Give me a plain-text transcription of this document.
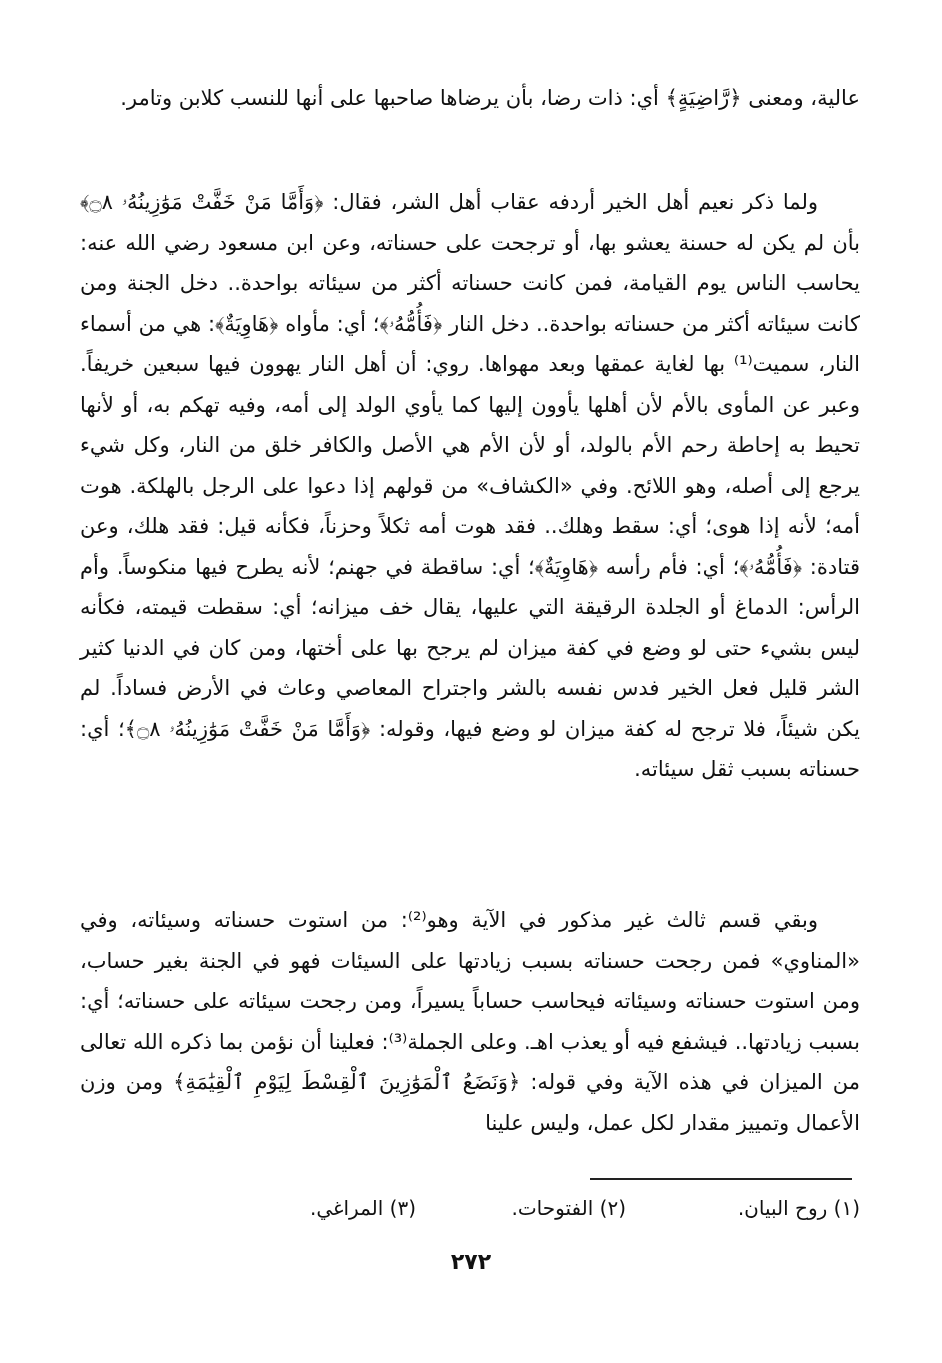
عالية، ومعنى ﴿رَّاضِيَةٍ﴾ أي: ذات رضا، بأن يرضاها صاحبها على أنها للنسب كلابن وتامر.

ولما ذكر نعيم أهل الخير أردفه عقاب أهل الشر، فقال: ﴿وَأَمَّا مَنْ خَفَّتْ مَوَٰزِينُهُۥ ۝٨﴾ بأن لم يكن له حسنة يعشو بها، أو ترجحت على حسناته، وعن ابن مسعود رضي الله عنه: يحاسب الناس يوم القيامة، فمن كانت حسناته أكثر من سيئاته بواحدة.. دخل الجنة ومن كانت سيئاته أكثر من حسناته بواحدة.. دخل النار ﴿فَأُمُّهُۥ﴾؛ أي: مأواه ﴿هَاوِيَةٌ﴾: هي من أسماء النار، سميت⁽¹⁾ بها لغاية عمقها وبعد مهواها. روي: أن أهل النار يهوون فيها سبعين خريفاً. وعبر عن المأوى بالأم لأن أهلها يأوون إليها كما يأوي الولد إلى أمه، وفيه تهكم به، أو لأنها تحيط به إحاطة رحم الأم بالولد، أو لأن الأم هي الأصل والكافر خلق من النار، وكل شيء يرجع إلى أصله، وهو اللائح. وفي «الكشاف» من قولهم إذا دعوا على الرجل بالهلكة. هوت أمه؛ لأنه إذا هوى؛ أي: سقط وهلك.. فقد هوت أمه ثكلاً وحزناً، فكأنه قيل: فقد هلك، وعن قتادة: ﴿فَأُمُّهُۥ﴾؛ أي: فأم رأسه ﴿هَاوِيَةٌ﴾؛ أي: ساقطة في جهنم؛ لأنه يطرح فيها منكوساً. وأم الرأس: الدماغ أو الجلدة الرقيقة التي عليها، يقال خف ميزانه؛ أي: سقطت قيمته، فكأنه ليس بشيء حتى لو وضع في كفة ميزان لم يرجح بها على أختها، ومن كان في الدنيا كثير الشر قليل فعل الخير فدس نفسه بالشر واجتراح المعاصي وعاث في الأرض فساداً. لم يكن شيئاً، فلا ترجح له كفة ميزان لو وضع فيها، وقوله: ﴿وَأَمَّا مَنْ خَفَّتْ مَوَٰزِينُهُۥ ۝٨﴾؛ أي: حسناته بسبب ثقل سيئاته.

وبقي قسم ثالث غير مذكور في الآية وهو⁽²⁾: من استوت حسناته وسيئاته، وفي «المناوي» فمن رجحت حسناته بسبب زيادتها على السيئات فهو في الجنة بغير حساب، ومن استوت حسناته وسيئاته فيحاسب حساباً يسيراً، ومن رجحت سيئاته على حسناته؛ أي: بسبب زيادتها.. فيشفع فيه أو يعذب اهـ. وعلى الجملة⁽³⁾: فعلينا أن نؤمن بما ذكره الله تعالى من الميزان في هذه الآية وفي قوله: ﴿وَنَضَعُ ٱلْمَوَٰزِينَ ٱلْقِسْطَ لِيَوْمِ ٱلْقِيَٰمَةِ﴾ ومن وزن الأعمال وتمييز مقدار لكل عمل، وليس علينا

(١) روح البيان.
(٢) الفتوحات.
(٣) المراغي.
٢٧٢
